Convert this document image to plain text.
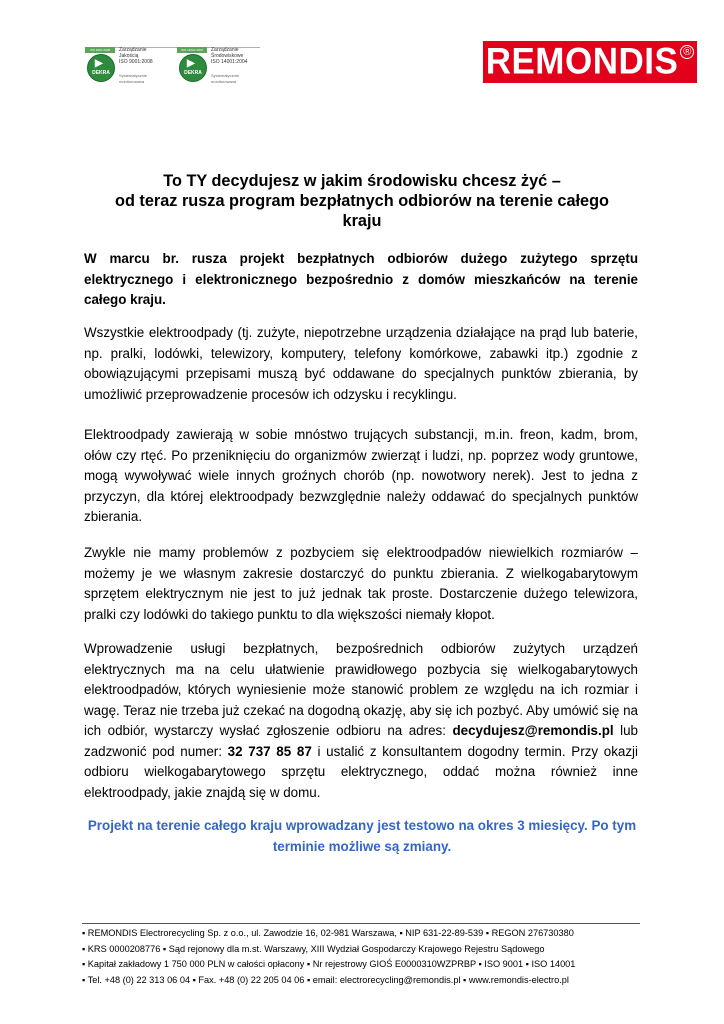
ISO 9001:2008
▶
DEKRA
Zarządzanie
Jakością
ISO 9001:2008
Systematycznie monitorowana
ISO 14001:2004
▶
DEKRA
Zarządzanie
Środowiskowe
ISO 14001:2004
Systematycznie monitorowana	REMONDIS ®
To TY decydujesz w jakim środowisku chcesz żyć –
od teraz rusza program bezpłatnych odbiorów na terenie całego
kraju
W marcu br. rusza projekt bezpłatnych odbiorów dużego zużytego sprzętu elektrycznego i elektronicznego bezpośrednio z domów mieszkańców na terenie całego kraju.
Wszystkie elektroodpady (tj. zużyte, niepotrzebne urządzenia działające na prąd lub baterie, np. pralki, lodówki, telewizory, komputery, telefony komórkowe, zabawki itp.) zgodnie z obowiązującymi przepisami muszą być oddawane do specjalnych punktów zbierania, by umożliwić przeprowadzenie procesów ich odzysku i recyklingu.
Elektroodpady zawierają w sobie mnóstwo trujących substancji, m.in. freon, kadm, brom, ołów czy rtęć. Po przeniknięciu do organizmów zwierząt i ludzi, np. poprzez wody gruntowe, mogą wywoływać wiele innych groźnych chorób (np. nowotwory nerek). Jest to jedna z przyczyn, dla której elektroodpady bezwzględnie należy oddawać do specjalnych punktów zbierania.
Zwykle nie mamy problemów z pozbyciem się elektroodpadów niewielkich rozmiarów – możemy je we własnym zakresie dostarczyć do punktu zbierania. Z wielkogabarytowym sprzętem elektrycznym nie jest to już jednak tak proste. Dostarczenie dużego telewizora, pralki czy lodówki do takiego punktu to dla większości niemały kłopot.
Wprowadzenie usługi bezpłatnych, bezpośrednich odbiorów zużytych urządzeń elektrycznych ma na celu ułatwienie prawidłowego pozbycia się wielkogabarytowych elektroodpadów, których wyniesienie może stanowić problem ze względu na ich rozmiar i wagę. Teraz nie trzeba już czekać na dogodną okazję, aby się ich pozbyć. Aby umówić się na ich odbiór, wystarczy wysłać zgłoszenie odbioru na adres: decydujesz@remondis.pl lub zadzwonić pod numer: 32 737 85 87 i ustalić z konsultantem dogodny termin. Przy okazji odbioru wielkogabarytowego sprzętu elektrycznego, oddać można również inne elektroodpady, jakie znajdą się w domu.
Projekt na terenie całego kraju wprowadzany jest testowo na okres 3 miesięcy. Po tym
terminie możliwe są zmiany.
▪ REMONDIS Electrorecycling Sp. z o.o., ul. Zawodzie 16, 02-981 Warszawa, ▪ NIP 631-22-89-539 ▪ REGON 276730380
▪ KRS 0000208776 ▪ Sąd rejonowy dla m.st. Warszawy, XIII Wydział Gospodarczy Krajowego Rejestru Sądowego
▪ Kapitał zakładowy 1 750 000 PLN w całości opłacony ▪ Nr rejestrowy GIOŚ E0000310WZPRBP ▪ ISO 9001 ▪ ISO 14001
▪ Tel. +48 (0) 22 313 06 04 ▪ Fax. +48 (0) 22 205 04 06 ▪ email: electrorecycling@remondis.pl ▪ www.remondis-electro.pl
